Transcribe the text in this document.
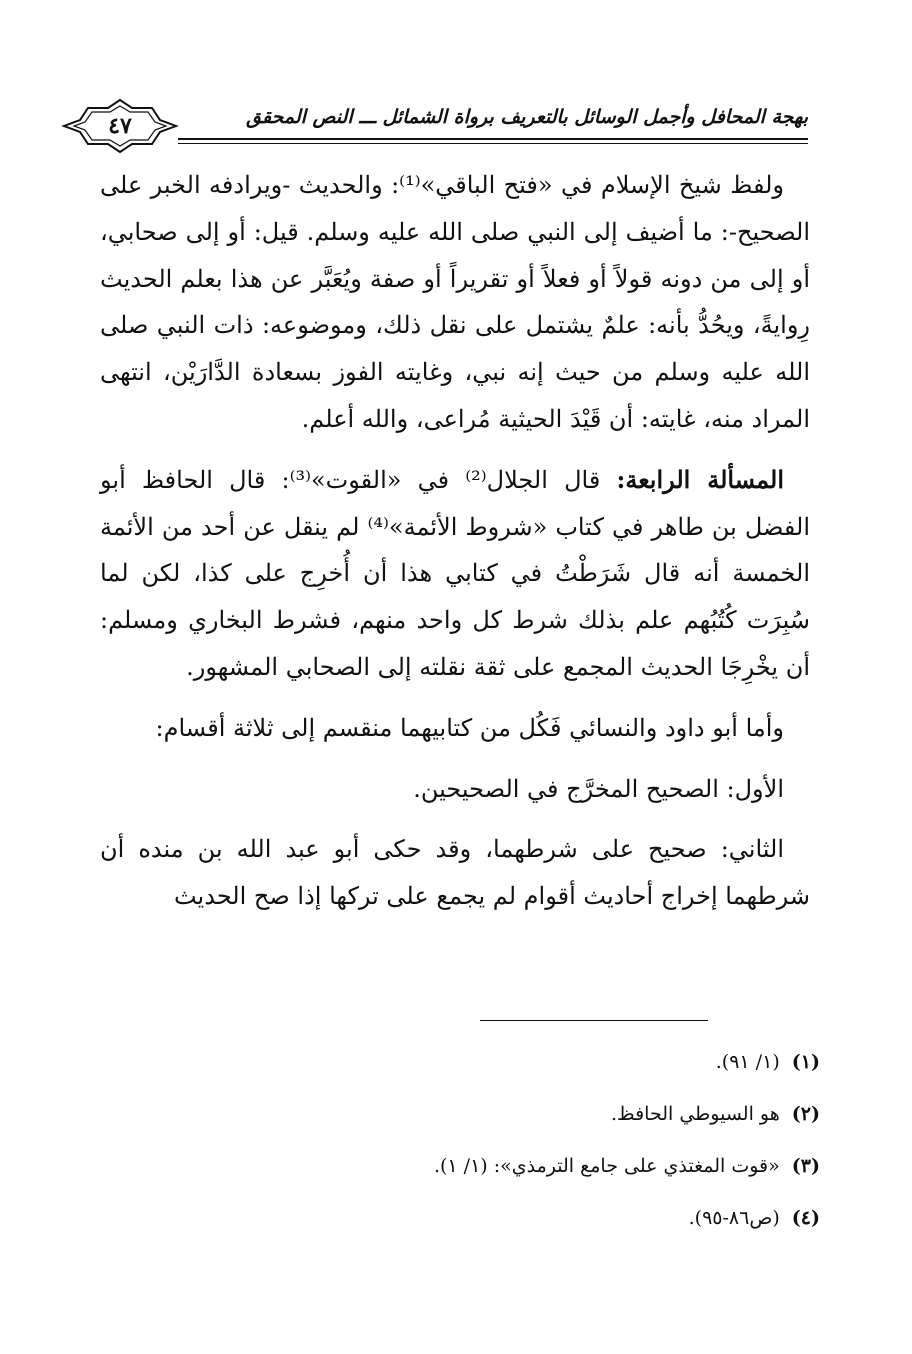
٤٧	بهجة المحافل وأجمل الوسائل بالتعريف برواة الشمائل ـــ النص المحقق

ولفظ شيخ الإسلام في «فتح الباقي»⁽¹⁾: والحديث -ويرادفه الخبر على الصحيح-: ما أضيف إلى النبي صلى الله عليه وسلم. قيل: أو إلى صحابي، أو إلى من دونه قولاً أو فعلاً أو تقريراً أو صفة ويُعَبَّر عن هذا بعلم الحديث رِوايةً، ويحُدُّ بأنه: علمٌ يشتمل على نقل ذلك، وموضوعه: ذات النبي صلى الله عليه وسلم من حيث إنه نبي، وغايته الفوز بسعادة الدَّارَيْن، انتهى المراد منه، غايته: أن قَيْدَ الحيثية مُراعى، والله أعلم.

المسألة الرابعة: قال الجلال⁽²⁾ في «القوت»⁽³⁾: قال الحافظ أبو الفضل بن طاهر في كتاب «شروط الأئمة»⁽⁴⁾ لم ينقل عن أحد من الأئمة الخمسة أنه قال شَرَطْتُ في كتابي هذا أن أُخرِج على كذا، لكن لما سُبِرَت كُتُبُهم علم بذلك شرط كل واحد منهم، فشرط البخاري ومسلم: أن يخْرِجَا الحديث المجمع على ثقة نقلته إلى الصحابي المشهور.

وأما أبو داود والنسائي فَكُل من كتابيهما منقسم إلى ثلاثة أقسام:

الأول: الصحيح المخرَّج في الصحيحين.

الثاني: صحيح على شرطهما، وقد حكى أبو عبد الله بن منده أن شرطهما إخراج أحاديث أقوام لم يجمع على تركها إذا صح الحديث

(١) (١/ ٩١).
(٢) هو السيوطي الحافظ.
(٣) «قوت المغتذي على جامع الترمذي»: (١/ ١).
(٤) (ص٨٦-٩٥).
